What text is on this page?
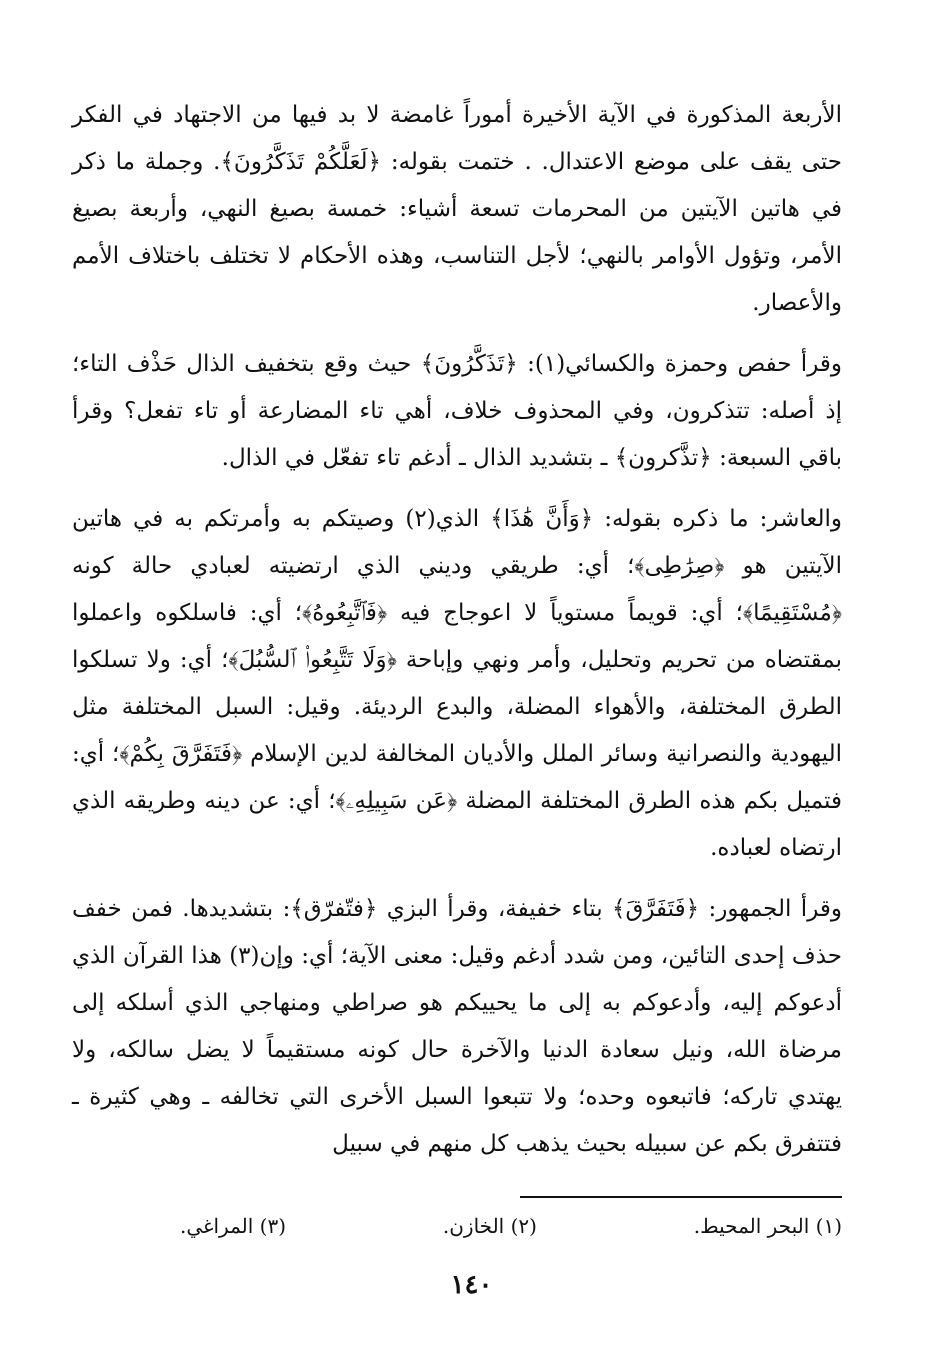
الأربعة المذكورة في الآية الأخيرة أموراً غامضة لا بد فيها من الاجتهاد في الفكر حتى يقف على موضع الاعتدال. . ختمت بقوله: ﴿لَعَلَّكُمْ تَذَكَّرُونَ﴾. وجملة ما ذكر في هاتين الآيتين من المحرمات تسعة أشياء: خمسة بصيغ النهي، وأربعة بصيغ الأمر، وتؤول الأوامر بالنهي؛ لأجل التناسب، وهذه الأحكام لا تختلف باختلاف الأمم والأعصار.
وقرأ حفص وحمزة والكسائي(١): ﴿تَذَكَّرُونَ﴾ حيث وقع بتخفيف الذال حَذْف التاء؛ إذ أصله: تتذكرون، وفي المحذوف خلاف، أهي تاء المضارعة أو تاء تفعل؟ وقرأ باقي السبعة: ﴿تذَّكرون﴾ ـ بتشديد الذال ـ أدغم تاء تفعّل في الذال.
والعاشر: ما ذكره بقوله: ﴿وَأَنَّ هَٰذَا﴾ الذي(٢) وصيتكم به وأمرتكم به في هاتين الآيتين هو ﴿صِرَٰطِى﴾؛ أي: طريقي وديني الذي ارتضيته لعبادي حالة كونه ﴿مُسْتَقِيمًا﴾؛ أي: قويماً مستوياً لا اعوجاج فيه ﴿فَٱتَّبِعُوهُ﴾؛ أي: فاسلكوه واعملوا بمقتضاه من تحريم وتحليل، وأمر ونهي وإباحة ﴿وَلَا تَتَّبِعُوا۟ ٱلسُّبُلَ﴾؛ أي: ولا تسلكوا الطرق المختلفة، والأهواء المضلة، والبدع الرديئة. وقيل: السبل المختلفة مثل اليهودية والنصرانية وسائر الملل والأديان المخالفة لدين الإسلام ﴿فَتَفَرَّقَ بِكُمْ﴾؛ أي: فتميل بكم هذه الطرق المختلفة المضلة ﴿عَن سَبِيلِهِۦ﴾؛ أي: عن دينه وطريقه الذي ارتضاه لعباده.
وقرأ الجمهور: ﴿فَتَفَرَّقَ﴾ بتاء خفيفة، وقرأ البزي ﴿فتّفرّق﴾: بتشديدها. فمن خفف حذف إحدى التائين، ومن شدد أدغم وقيل: معنى الآية؛ أي: وإن(٣) هذا القرآن الذي أدعوكم إليه، وأدعوكم به إلى ما يحييكم هو صراطي ومنهاجي الذي أسلكه إلى مرضاة الله، ونيل سعادة الدنيا والآخرة حال كونه مستقيماً لا يضل سالكه، ولا يهتدي تاركه؛ فاتبعوه وحده؛ ولا تتبعوا السبل الأخرى التي تخالفه ـ وهي كثيرة ـ فتتفرق بكم عن سبيله بحيث يذهب كل منهم في سبيل
(١) البحر المحيط.
(٢) الخازن.
(٣) المراغي.
١٤٠
